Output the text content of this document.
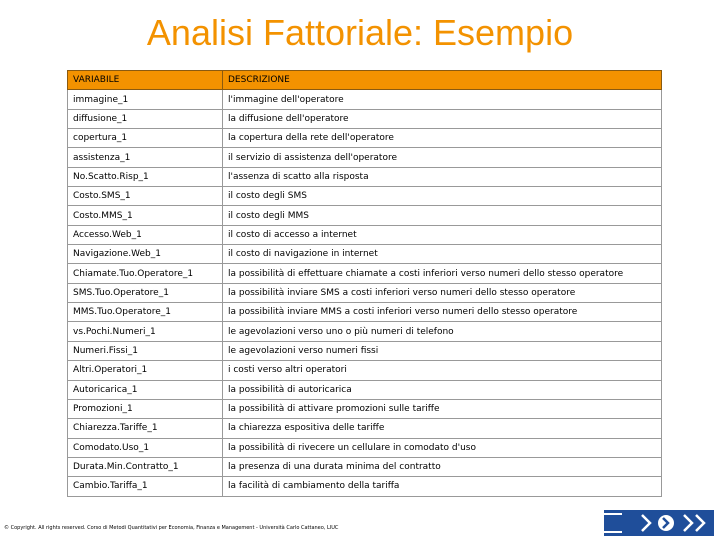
Analisi Fattoriale: Esempio
VARIABILE	DESCRIZIONE
immagine_1	l'immagine dell'operatore
diffusione_1	la diffusione dell'operatore
copertura_1	la copertura della rete dell'operatore
assistenza_1	il servizio di assistenza dell'operatore
No.Scatto.Risp_1	l'assenza di scatto alla risposta
Costo.SMS_1	il costo degli SMS
Costo.MMS_1	il costo degli MMS
Accesso.Web_1	il costo di accesso a internet
Navigazione.Web_1	il costo di navigazione in internet
Chiamate.Tuo.Operatore_1	la possibilità di effettuare chiamate a costi inferiori verso numeri dello stesso operatore
SMS.Tuo.Operatore_1	la possibilità inviare SMS a costi inferiori verso numeri dello stesso operatore
MMS.Tuo.Operatore_1	la possibilità inviare MMS a costi inferiori verso numeri dello stesso operatore
vs.Pochi.Numeri_1	le agevolazioni verso uno o più numeri di telefono
Numeri.Fissi_1	le agevolazioni verso numeri fissi
Altri.Operatori_1	i costi verso altri operatori
Autoricarica_1	la possibilità di autoricarica
Promozioni_1	la possibilità di attivare promozioni sulle tariffe
Chiarezza.Tariffe_1	la chiarezza espositiva delle tariffe
Comodato.Uso_1	la possibilità di rivecere un cellulare in comodato d'uso
Durata.Min.Contratto_1	la presenza di una durata minima del contratto
Cambio.Tariffa_1	la facilità di cambiamento della tariffa
© Copyright. All rights reserved. Corso di Metodi Quantitativi per Economia, Finanza e Management - Università Carlo Cattaneo, LIUC
